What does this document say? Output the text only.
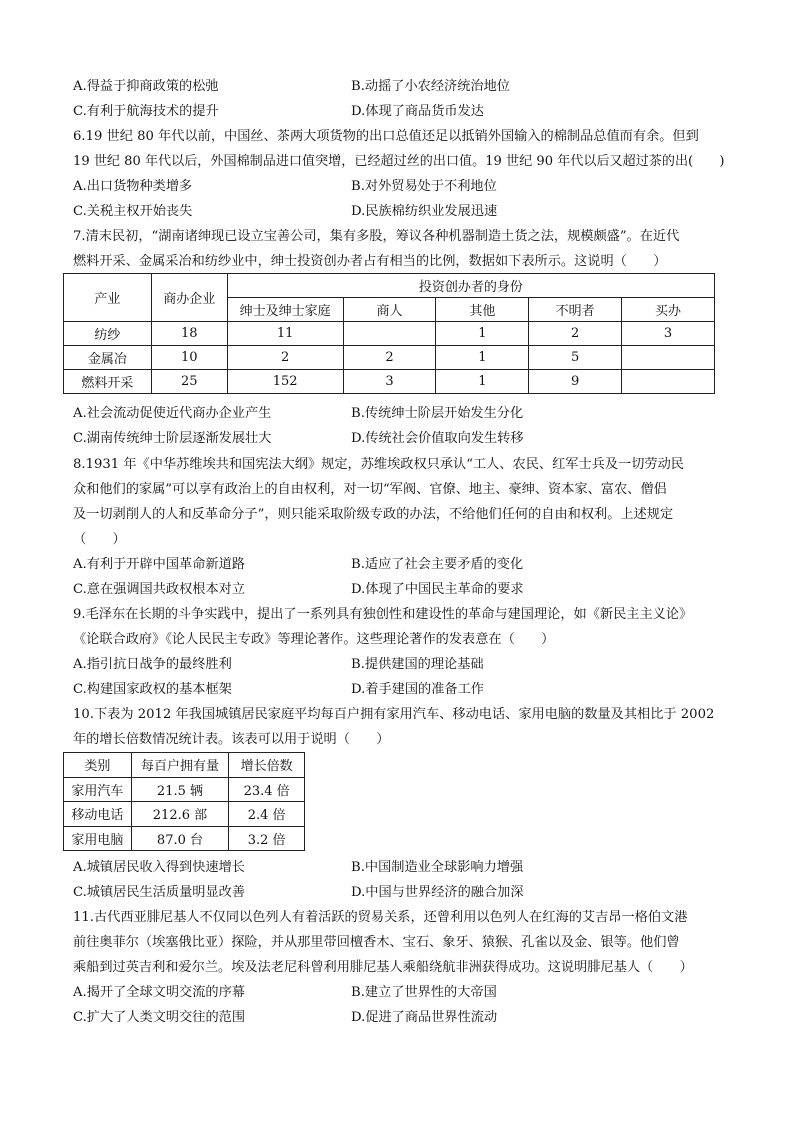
A.得益于抑商政策的松弛	B.动摇了小农经济统治地位
C.有利于航海技术的提升	D.体现了商品货币发达
6.19 世纪 80 年代以前，中国丝、茶两大项货物的出口总值还足以抵销外国输入的棉制品总值而有余。但到
19 世纪 80 年代以后，外国棉制品进口值突增，已经超过丝的出口值。19 世纪 90 年代以后又超过茶的出(　　)
A.出口货物种类增多	B.对外贸易处于不利地位
C.关税主权开始丧失	D.民族棉纺织业发展迅速
7.清末民初，“湖南诸绅现已设立宝善公司，集有多股，筹议各种机器制造土货之法，规模颇盛”。在近代
燃料开采、金属采冶和纺纱业中，绅士投资创办者占有相当的比例，数据如下表所示。这说明（　　）
产业	商办企业	投资创办者的身份				
		绅士及绅士家庭	商人	其他	不明者	买办
纺纱	18	11		1	2	3
金属冶	10	2	2	1	5	
燃料开采	25	152	3	1	9	
A.社会流动促使近代商办企业产生	B.传统绅士阶层开始发生分化
C.湖南传统绅士阶层逐渐发展壮大	D.传统社会价值取向发生转移
8.1931 年《中华苏维埃共和国宪法大纲》规定，苏维埃政权只承认“工人、农民、红军士兵及一切劳动民
众和他们的家属”可以享有政治上的自由权利，对一切“军阀、官僚、地主、豪绅、资本家、富农、僧侣
及一切剥削人的人和反革命分子”，则只能采取阶级专政的办法，不给他们任何的自由和权利。上述规定
（　　）
A.有利于开辟中国革命新道路	B.适应了社会主要矛盾的变化
C.意在强调国共政权根本对立	D.体现了中国民主革命的要求
9.毛泽东在长期的斗争实践中，提出了一系列具有独创性和建设性的革命与建国理论，如《新民主主义论》
《论联合政府》《论人民民主专政》等理论著作。这些理论著作的发表意在（　　）
A.指引抗日战争的最终胜利	B.提供建国的理论基础
C.构建国家政权的基本框架	D.着手建国的准备工作
10.下表为 2012 年我国城镇居民家庭平均每百户拥有家用汽车、移动电话、家用电脑的数量及其相比于 2002
年的增长倍数情况统计表。该表可以用于说明（　　）
类别	每百户拥有量	增长倍数
家用汽车	21.5 辆	23.4 倍
移动电话	212.6 部	2.4 倍
家用电脑	87.0 台	3.2 倍
A.城镇居民收入得到快速增长	B.中国制造业全球影响力增强
C.城镇居民生活质量明显改善	D.中国与世界经济的融合加深
11.古代西亚腓尼基人不仅同以色列人有着活跃的贸易关系，还曾利用以色列人在红海的艾吉昂一格伯文港
前往奥菲尔（埃塞俄比亚）探险，并从那里带回檀香木、宝石、象牙、猿猴、孔雀以及金、银等。他们曾
乘船到过英吉利和爱尔兰。埃及法老尼科曾利用腓尼基人乘船绕航非洲获得成功。这说明腓尼基人（　　）
A.揭开了全球文明交流的序幕	B.建立了世界性的大帝国
C.扩大了人类文明交往的范围	D.促进了商品世界性流动
